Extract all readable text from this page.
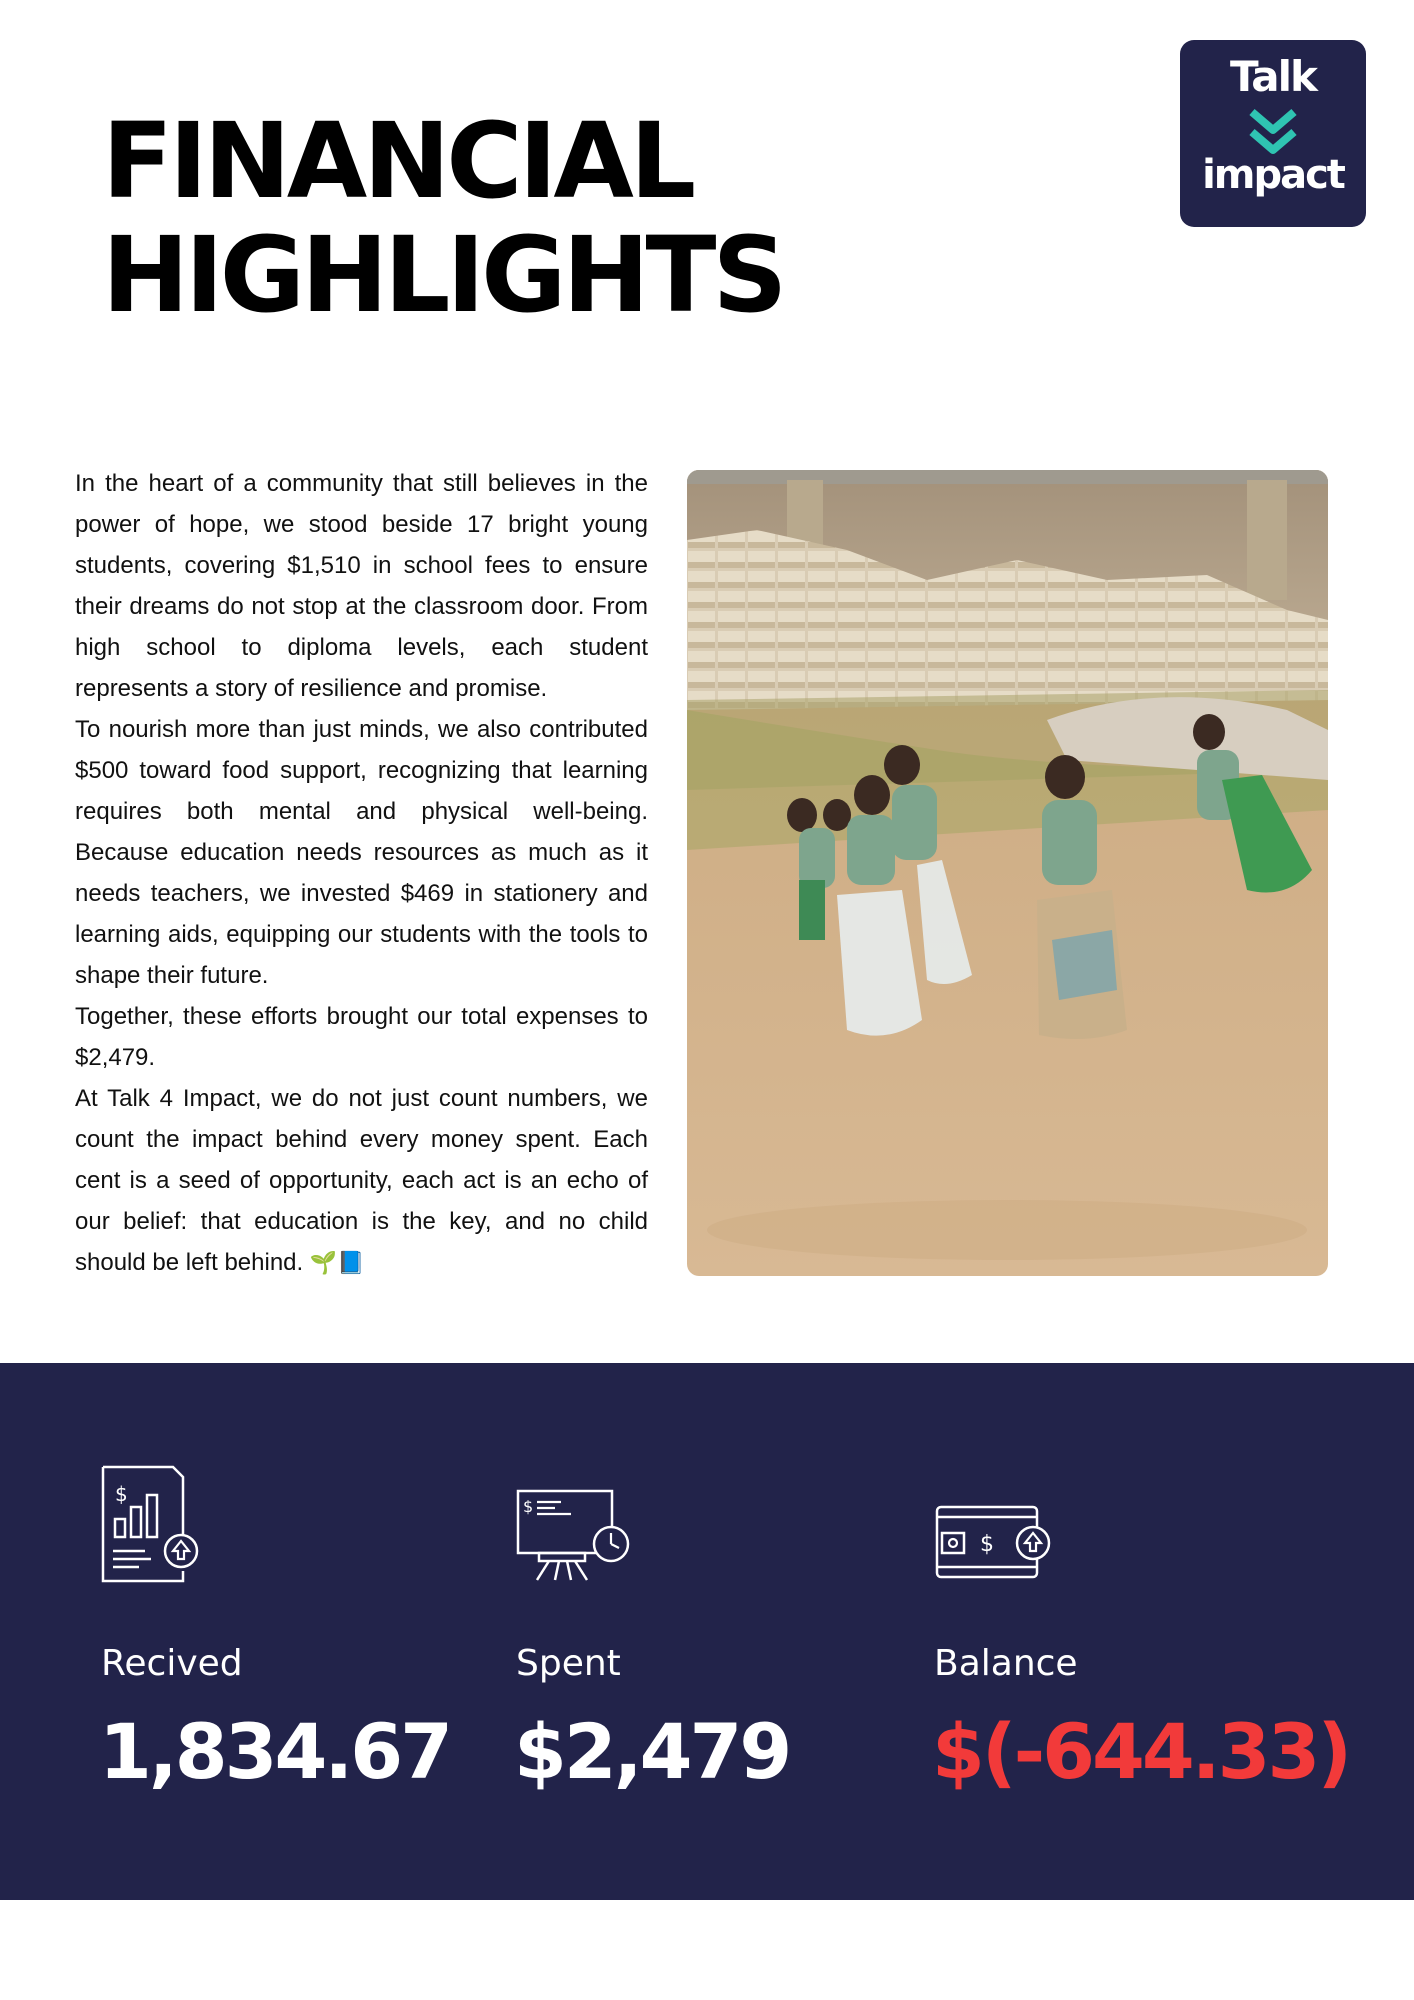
FINANCIAL
HIGHLIGHTS
Talk
impact

In the heart of a community that still believes in the power of hope, we stood beside 17 bright young students, covering $1,510 in school fees to ensure their dreams do not stop at the classroom door. From high school to diploma levels, each student represents a story of resilience and promise.

To nourish more than just minds, we also contributed $500 toward food support, recognizing that learning requires both mental and physical well-being. Because education needs resources as much as it needs teachers, we invested $469 in stationery and learning aids, equipping our students with the tools to shape their future.

Together, these efforts brought our total expenses to $2,479.

At Talk 4 Impact, we do not just count numbers, we count the impact behind every money spent. Each cent is a seed of opportunity, each act is an echo of our belief: that education is the key, and no child should be left behind. 🌱📘

$
Recived
1,834.67
$
Spent
$2,479
$
Balance
$(-644.33)
